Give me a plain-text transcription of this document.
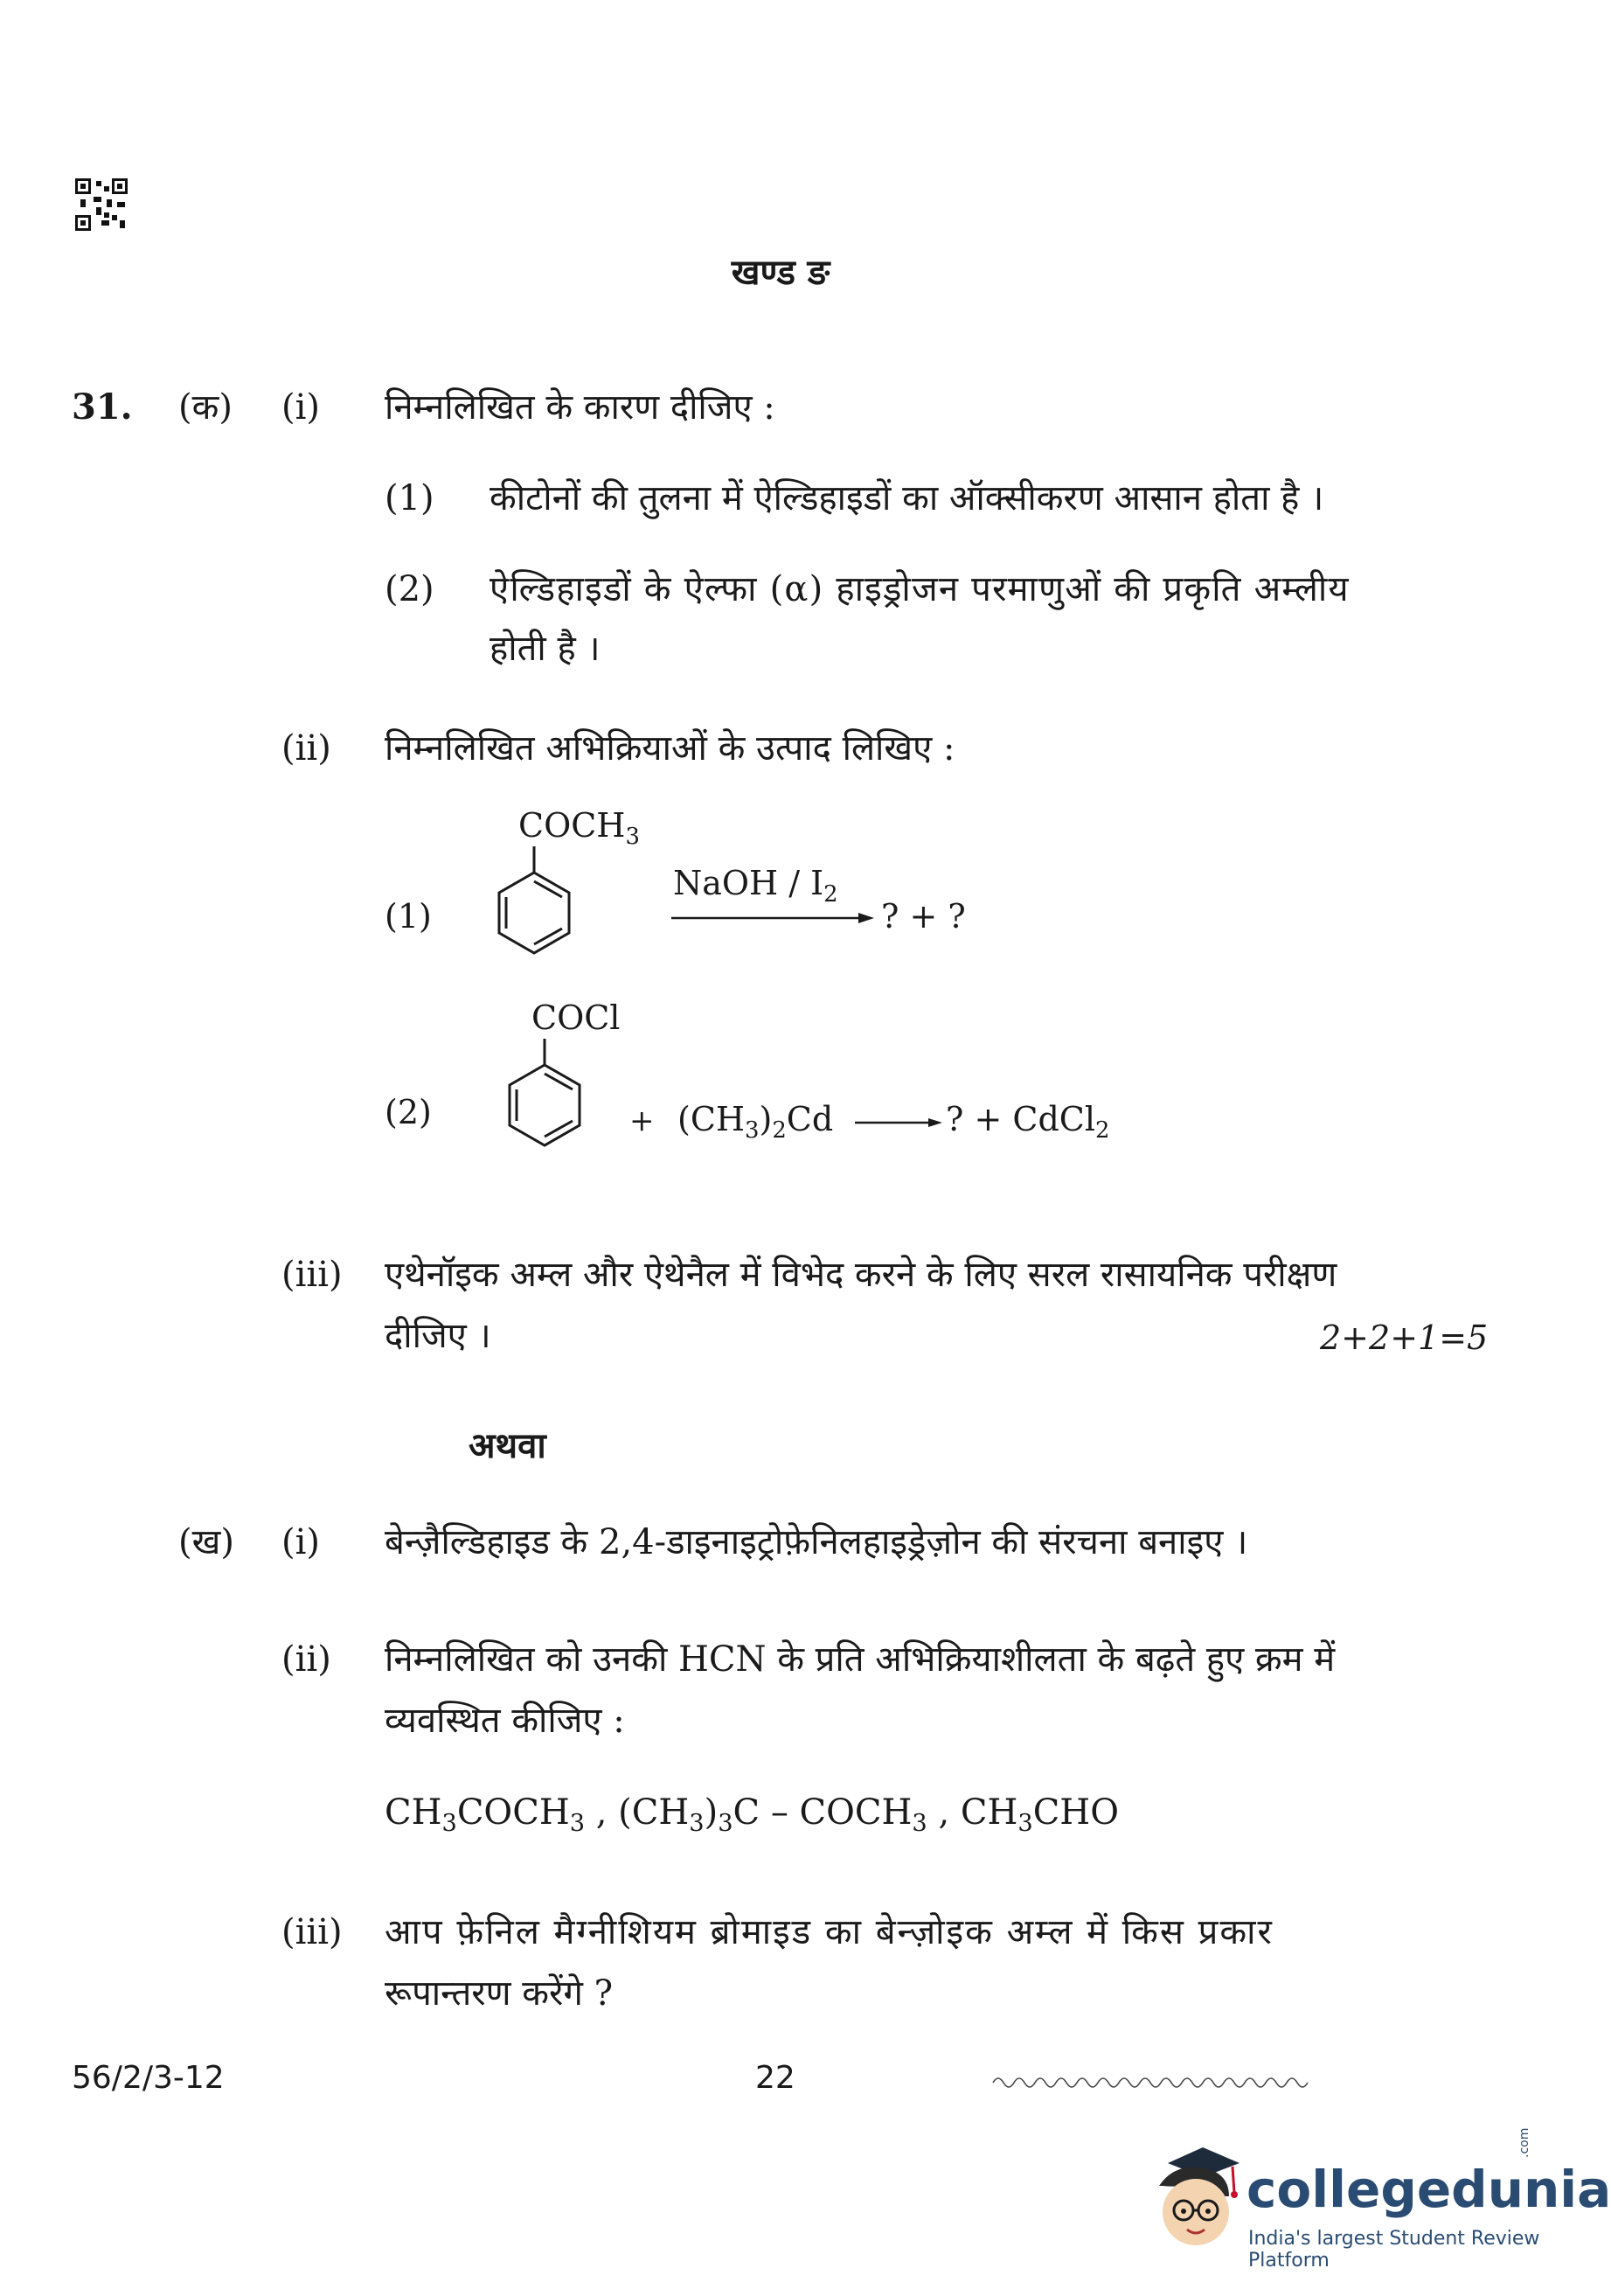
खण्ड ङ
31. (क) (i) निम्नलिखित के कारण दीजिए :
(1) कीटोनों की तुलना में ऐल्डिहाइडों का ऑक्सीकरण आसान होता है ।
(2) ऐल्डिहाइडों के ऐल्फा (α) हाइड्रोजन परमाणुओं की प्रकृति अम्लीय
होती है ।
(ii) निम्नलिखित अभिक्रियाओं के उत्पाद लिखिए :
$COCH_3$
(1)
NaOH / $I_2$
? + ?
COCl
(2)	+ $(CH_3)_2Cd$	? + CdCl$_2$
(iii) एथेनॉइक अम्ल और ऐथेनैल में विभेद करने के लिए सरल रासायनिक परीक्षण
दीजिए ।	2+2+1=5
अथवा
(ख) (i) बेन्ज़ैल्डिहाइड के 2,4-डाइनाइट्रोफ़ेनिलहाइड्रेज़ोन की संरचना बनाइए ।
(ii) निम्नलिखित को उनकी HCN के प्रति अभिक्रियाशीलता के बढ़ते हुए क्रम में
व्यवस्थित कीजिए :
$CH_3COCH_3$ , $(CH_3)_3C$ – $COCH_3$ , $CH_3CHO$
(iii) आप फ़ेनिल मैग्नीशियम ब्रोमाइड का बेन्ज़ोइक अम्ल में किस प्रकार
रूपान्तरण करेंगे ?
56/2/3-12	22
collegedunia
.com
India's largest Student Review Platform
